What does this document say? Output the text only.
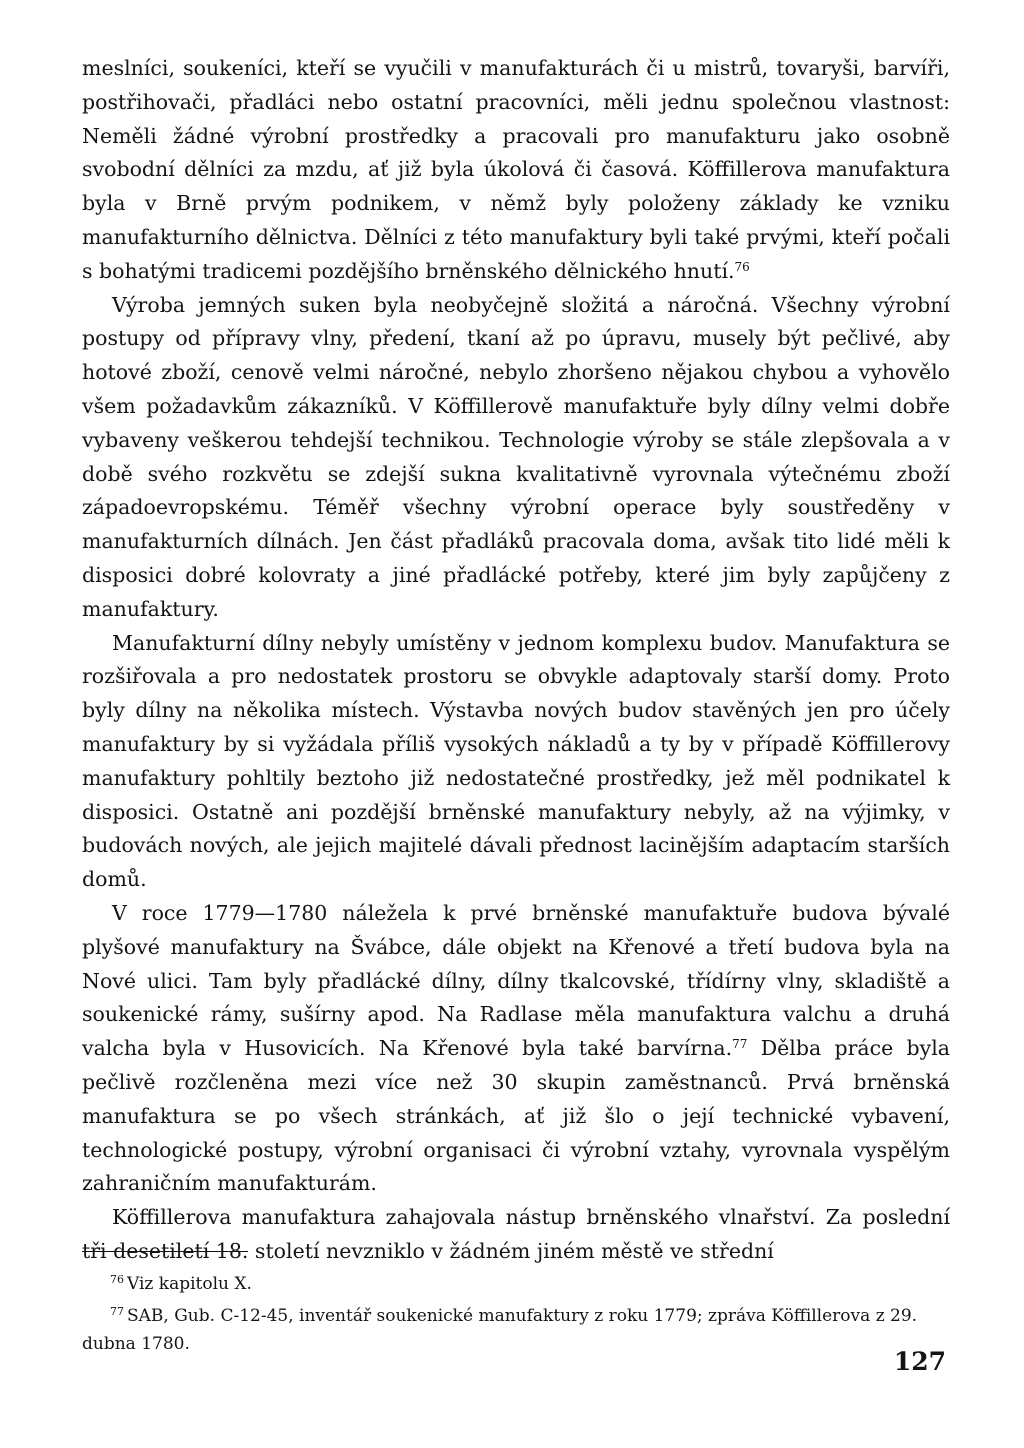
meslníci, soukeníci, kteří se vyučili v manufakturách či u mistrů, tovaryši, barvíři, postřihovači, přadláci nebo ostatní pracovníci, měli jednu společnou vlastnost: Neměli žádné výrobní prostředky a pracovali pro manufakturu jako osobně svobodní dělníci za mzdu, ať již byla úkolová či časová. Köffillerova manufaktura byla v Brně prvým podnikem, v němž byly položeny základy ke vzniku manufakturního dělnictva. Dělníci z této manufaktury byli také prvými, kteří počali s bohatými tradicemi pozdějšího brněnského dělnického hnutí.$^{76}$

Výroba jemných suken byla neobyčejně složitá a náročná. Všechny výrobní postupy od přípravy vlny, předení, tkaní až po úpravu, musely být pečlivé, aby hotové zboží, cenově velmi náročné, nebylo zhoršeno nějakou chybou a vyhovělo všem požadavkům zákazníků. V Köffillerově manufaktuře byly dílny velmi dobře vybaveny veškerou tehdejší technikou. Technologie výroby se stále zlepšovala a v době svého rozkvětu se zdejší sukna kvalitativně vyrovnala výtečnému zboží západoevropskému. Téměř všechny výrobní operace byly soustředěny v manufakturních dílnách. Jen část přadláků pracovala doma, avšak tito lidé měli k disposici dobré kolovraty a jiné přadlácké potřeby, které jim byly zapůjčeny z manufaktury.

Manufakturní dílny nebyly umístěny v jednom komplexu budov. Manufaktura se rozšiřovala a pro nedostatek prostoru se obvykle adaptovaly starší domy. Proto byly dílny na několika místech. Výstavba nových budov stavěných jen pro účely manufaktury by si vyžádala příliš vysokých nákladů a ty by v případě Köffillerovy manufaktury pohltily beztoho již nedostatečné prostředky, jež měl podnikatel k disposici. Ostatně ani pozdější brněnské manufaktury nebyly, až na výjimky, v budovách nových, ale jejich majitelé dávali přednost lacinějším adaptacím starších domů.

V roce 1779—1780 náležela k prvé brněnské manufaktuře budova bývalé plyšové manufaktury na Švábce, dále objekt na Křenové a třetí budova byla na Nové ulici. Tam byly přadlácké dílny, dílny tkalcovské, třídírny vlny, skladiště a soukenické rámy, sušírny apod. Na Radlase měla manufaktura valchu a druhá valcha byla v Husovicích. Na Křenové byla také barvírna.$^{77}$ Dělba práce byla pečlivě rozčleněna mezi více než 30 skupin zaměstnanců. Prvá brněnská manufaktura se po všech stránkách, ať již šlo o její technické vybavení, technologické postupy, výrobní organisaci či výrobní vztahy, vyrovnala vyspělým zahraničním manufakturám.

Köffillerova manufaktura zahajovala nástup brněnského vlnařství. Za poslední tři desetiletí 18. století nevzniklo v žádném jiném městě ve střední

$^{76}$ Viz kapitolu X.

$^{77}$ SAB, Gub. C-12-45, inventář soukenické manufaktury z roku 1779; zpráva Köffillerova z 29. dubna 1780.

127
